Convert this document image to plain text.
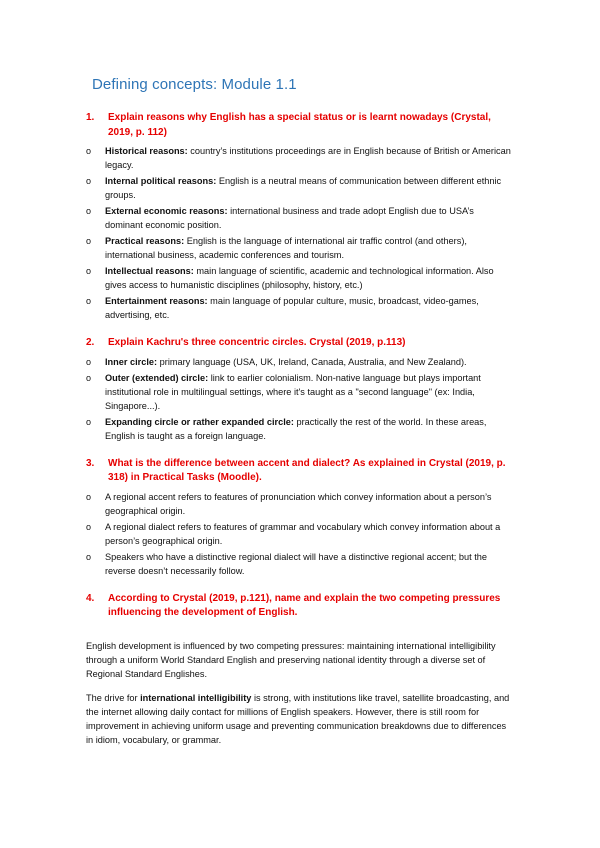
Defining concepts: Module 1.1
1.	Explain reasons why English has a special status or is learnt nowadays (Crystal, 2019, p. 112)
o	Historical reasons: country’s institutions proceedings are in English because of British or American legacy.
o	Internal political reasons: English is a neutral means of communication between different ethnic groups.
o	External economic reasons: international business and trade adopt English due to USA’s dominant economic position.
o	Practical reasons: English is the language of international air traffic control (and others), international business, academic conferences and tourism.
o	Intellectual reasons: main language of scientific, academic and technological information. Also gives access to humanistic disciplines (philosophy, history, etc.)
o	Entertainment reasons: main language of popular culture, music, broadcast, video-games, advertising, etc.
2.	Explain Kachru's three concentric circles. Crystal (2019, p.113)
o	Inner circle: primary language (USA, UK, Ireland, Canada, Australia, and New Zealand).
o	Outer (extended) circle: link to earlier colonialism. Non-native language but plays important institutional role in multilingual settings, where it's taught as a "second language" (ex: India, Singapore...).
o	Expanding circle or rather expanded circle: practically the rest of the world. In these areas, English is taught as a foreign language.
3.	What is the difference between accent and dialect? As explained in Crystal (2019, p. 318) in Practical Tasks (Moodle).
o	A regional accent refers to features of pronunciation which convey information about a person’s geographical origin.
o	A regional dialect refers to features of grammar and vocabulary which convey information about a person’s geographical origin.
o	Speakers who have a distinctive regional dialect will have a distinctive regional accent; but the reverse doesn’t necessarily follow.
4.	According to Crystal (2019, p.121), name and explain the two competing pressures influencing the development of English.

English development is influenced by two competing pressures: maintaining international intelligibility through a uniform World Standard English and preserving national identity through a diverse set of Regional Standard Englishes.

The drive for international intelligibility is strong, with institutions like travel, satellite broadcasting, and the internet allowing daily contact for millions of English speakers. However, there is still room for improvement in achieving uniform usage and preventing communication breakdowns due to differences in idiom, vocabulary, or grammar.
